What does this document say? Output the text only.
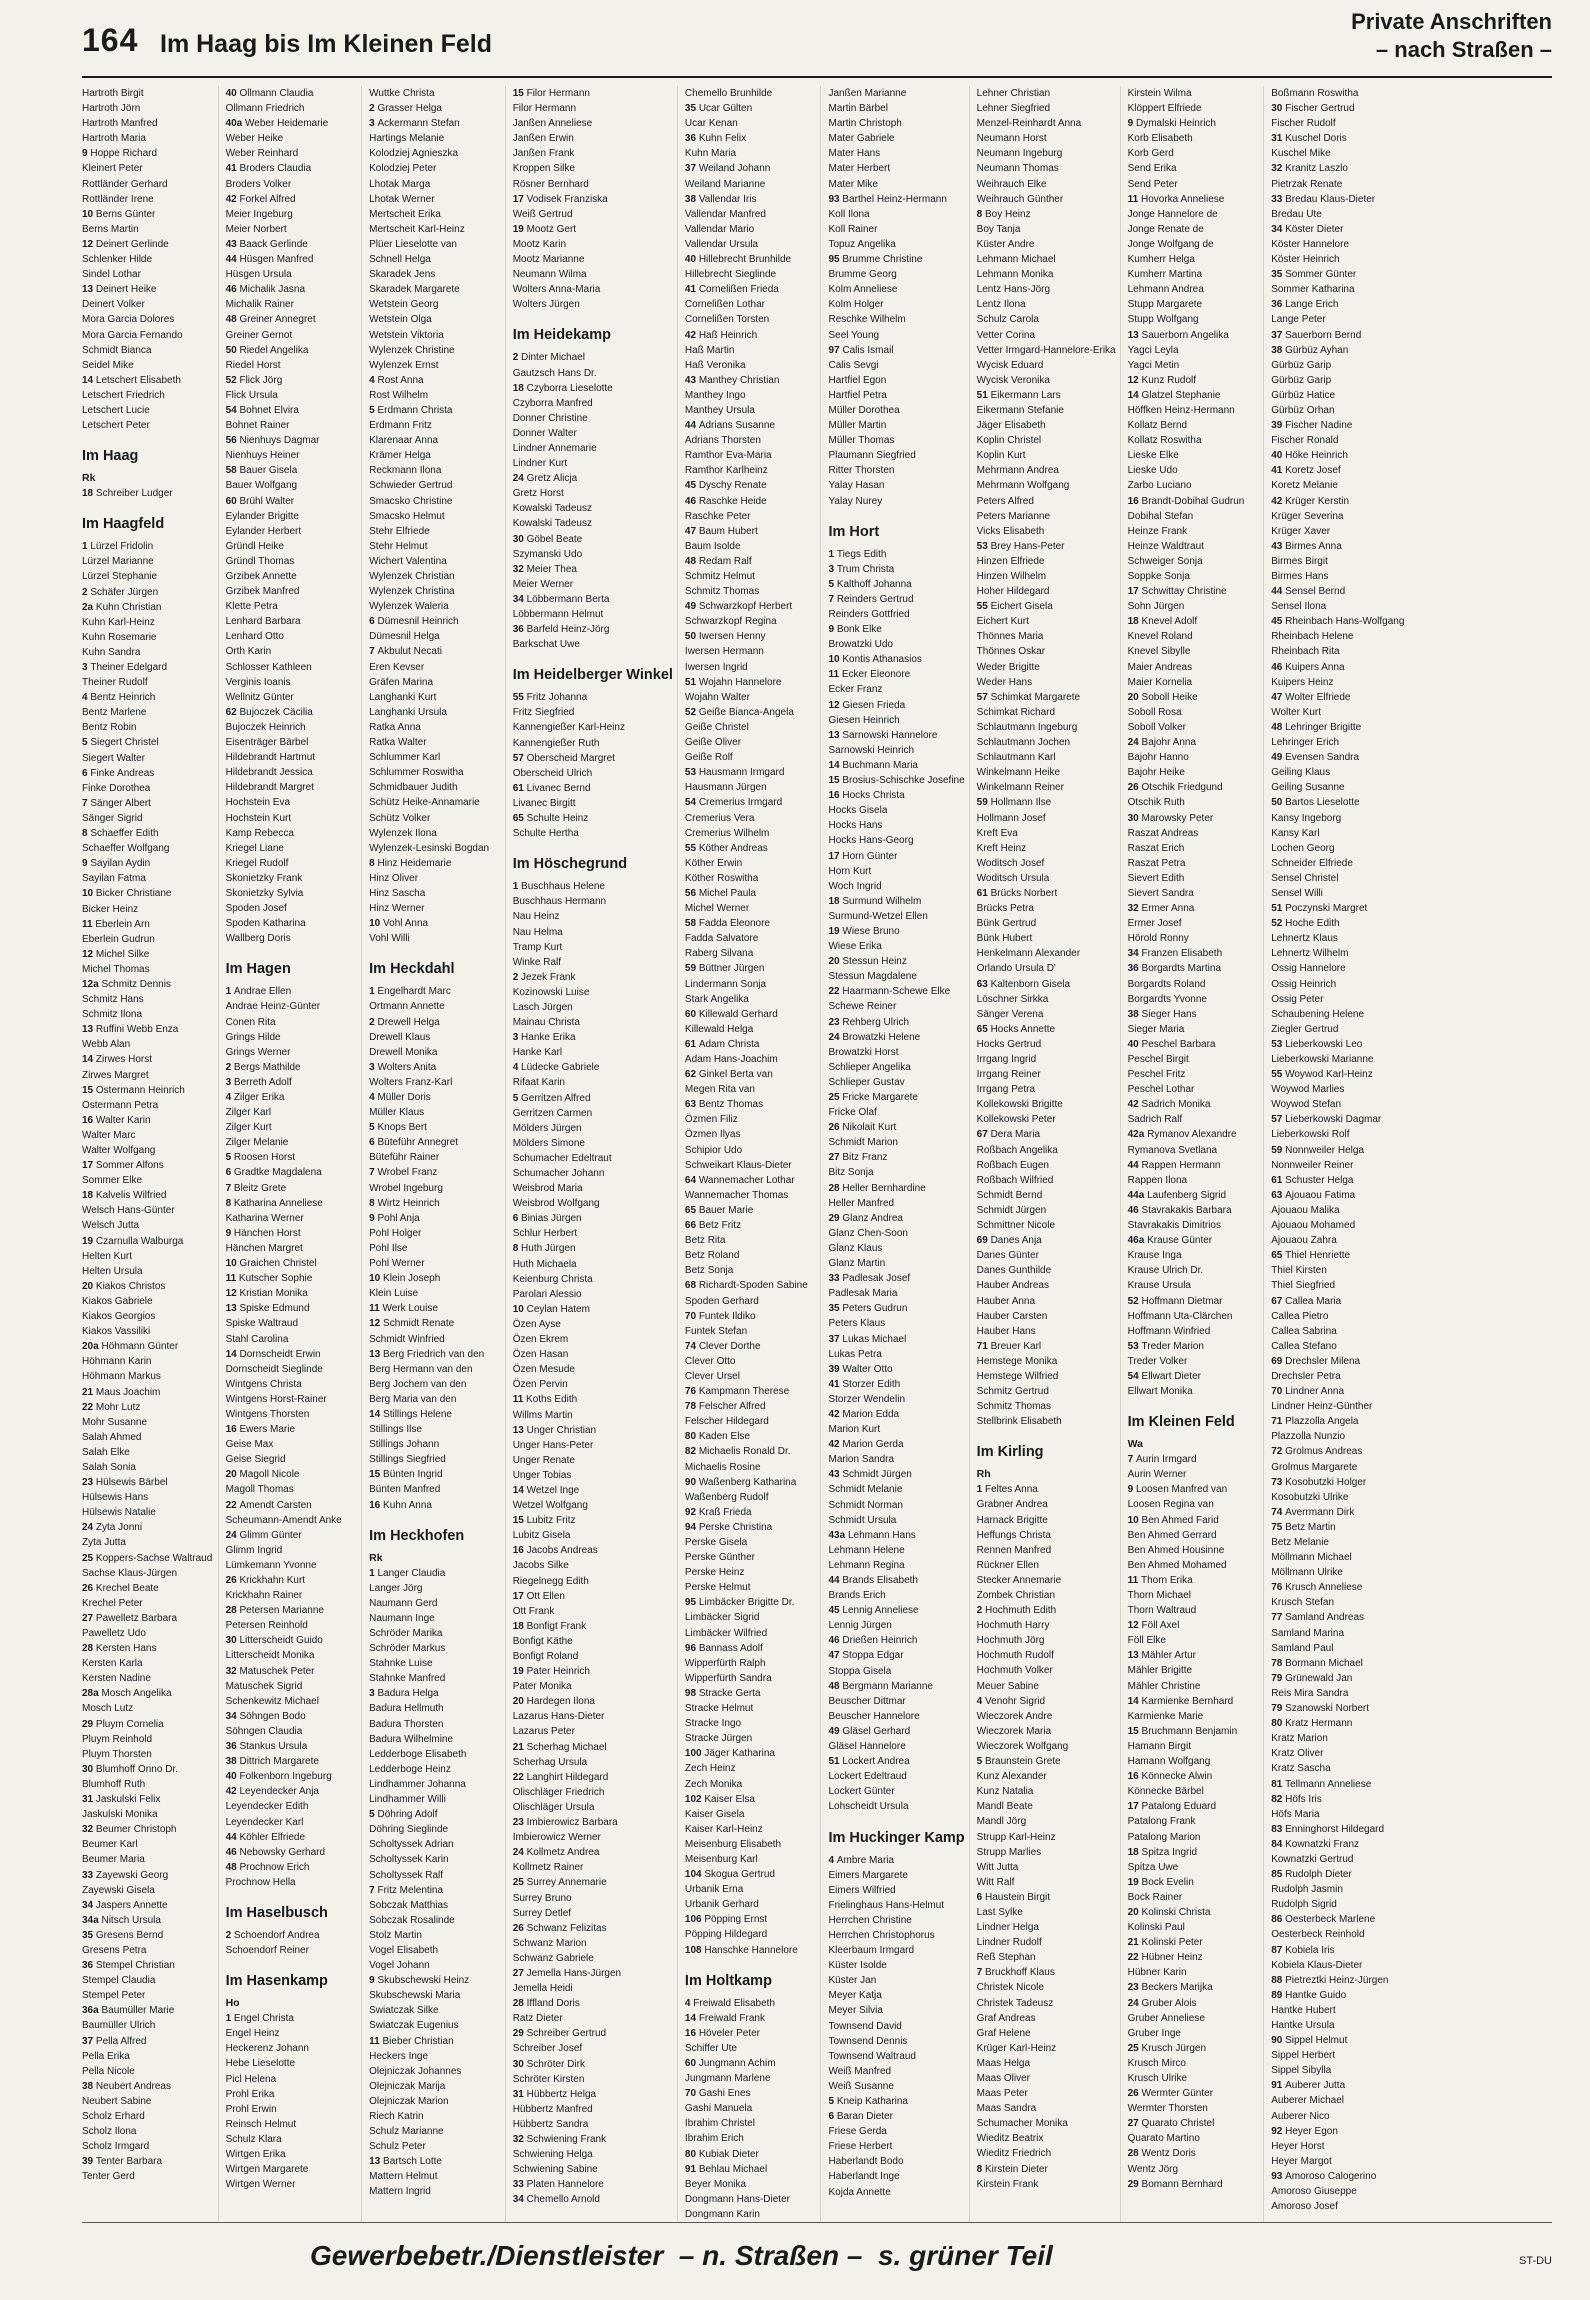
164 Im Haag bis Im Kleinen Feld
Private Anschriften
– nach Straßen –
Hartroth Birgit
Hartroth Jörn
Hartroth Manfred
Hartroth Maria
9 Hoppe Richard
Kleinert Peter
Rottländer Gerhard
Rottländer Irene
10 Berns Günter
Berns Martin
12 Deinert Gerlinde
Schlenker Hilde
Sindel Lothar
13 Deinert Heike
Deinert Volker
Mora Garcia Dolores
Mora Garcia Fernando
Schmidt Bianca
Seidel Mike
14 Letschert Elisabeth
Letschert Friedrich
Letschert Lucie
Letschert Peter
Im Haag
Rk
18 Schreiber Ludger
Im Haagfeld
1 Lürzel Fridolin
Lürzel Marianne
Lürzel Stephanie
2 Schäfer Jürgen
2a Kuhn Christian
Kuhn Karl-Heinz
Kuhn Rosemarie
Kuhn Sandra
3 Theiner Edelgard
Theiner Rudolf
4 Bentz Heinrich
Bentz Marlene
Bentz Robin
5 Siegert Christel
Siegert Walter
6 Finke Andreas
Finke Dorothea
7 Sänger Albert
Sänger Sigrid
8 Schaeffer Edith
Schaeffer Wolfgang
9 Sayilan Aydin
Sayilan Fatma
10 Bicker Christiane
Bicker Heinz
11 Eberlein Arn
Eberlein Gudrun
12 Michel Silke
Michel Thomas
12a Schmitz Dennis
Schmitz Hans
Schmitz Ilona
13 Ruffini Webb Enza
Webb Alan
14 Zirwes Horst
Zirwes Margret
15 Ostermann Heinrich
Ostermann Petra
16 Walter Karin
Walter Marc
Walter Wolfgang
17 Sommer Alfons
Sommer Elke
18 Kalvelis Wilfried
Welsch Hans-Günter
Welsch Jutta
19 Czarnulla Walburga
Helten Kurt
Helten Ursula
20 Kiakos Christos
Kiakos Gabriele
Kiakos Georgios
Kiakos Vassiliki
20a Höhmann Günter
Höhmann Karin
Höhmann Markus
21 Maus Joachim
22 Mohr Lutz
Mohr Susanne
Salah Ahmed
Salah Elke
Salah Sonia
23 Hülsewis Bärbel
Hülsewis Hans
Hülsewis Natalie
24 Zyta Jonni
Zyta Jutta
25 Koppers-Sachse Waltraud
Sachse Klaus-Jürgen
26 Krechel Beate
Krechel Peter
27 Pawelletz Barbara
Pawelletz Udo
28 Kersten Hans
Kersten Karla
Kersten Nadine
28a Mosch Angelika
Mosch Lutz
29 Pluym Cornelia
Pluym Reinhold
Pluym Thorsten
30 Blumhoff Onno Dr.
Blumhoff Ruth
31 Jaskulski Felix
Jaskulski Monika
32 Beumer Christoph
Beumer Karl
Beumer Maria
33 Zayewski Georg
Zayewski Gisela
34 Jaspers Annette
34a Nitsch Ursula
35 Gresens Bernd
Gresens Petra
36 Stempel Christian
Stempel Claudia
Stempel Peter
36a Baumüller Marie
Baumüller Ulrich
37 Pella Alfred
Pella Erika
Pella Nicole
38 Neubert Andreas
Neubert Sabine
Scholz Erhard
Scholz Ilona
Scholz Irmgard
39 Tenter Barbara
Tenter Gerd
40 Ollmann Claudia
Ollmann Friedrich
40a Weber Heidemarie
Weber Heike
Weber Reinhard
41 Broders Claudia
Broders Volker
42 Forkel Alfred
Meier Ingeburg
Meier Norbert
43 Baack Gerlinde
44 Hüsgen Manfred
Hüsgen Ursula
46 Michalik Jasna
Michalik Rainer
48 Greiner Annegret
Greiner Gernot
50 Riedel Angelika
Riedel Horst
52 Flick Jörg
Flick Ursula
54 Bohnet Elvira
Bohnet Rainer
56 Nienhuys Dagmar
Nienhuys Heiner
58 Bauer Gisela
Bauer Wolfgang
60 Brühl Walter
Eylander Brigitte
Eylander Herbert
Gründl Heike
Gründl Thomas
Grzibek Annette
Grzibek Manfred
Klette Petra
Lenhard Barbara
Lenhard Otto
Orth Karin
Schlosser Kathleen
Verginis Ioanis
Wellnitz Günter
62 Bujoczek Cäcilia
Bujoczek Heinrich
Eisenträger Bärbel
Hildebrandt Hartmut
Hildebrandt Jessica
Hildebrandt Margret
Hochstein Eva
Hochstein Kurt
Kamp Rebecca
Kriegel Liane
Kriegel Rudolf
Skonietzky Frank
Skonietzky Sylvia
Spoden Josef
Spoden Katharina
Wallberg Doris
Im Hagen
1 Andrae Ellen
Andrae Heinz-Günter
Conen Rita
Grings Hilde
Grings Werner
2 Bergs Mathilde
3 Berreth Adolf
4 Zilger Erika
Zilger Karl
Zilger Kurt
Zilger Melanie
5 Roosen Horst
6 Gradtke Magdalena
7 Bleitz Grete
8 Katharina Anneliese
Katharina Werner
9 Hänchen Horst
Hänchen Margret
10 Graichen Christel
11 Kutscher Sophie
12 Kristian Monika
13 Spiske Edmund
Spiske Waltraud
Stahl Carolina
14 Dornscheidt Erwin
Dornscheidt Sieglinde
Wintgens Christa
Wintgens Horst-Rainer
Wintgens Thorsten
16 Ewers Marie
Geise Max
Geise Siegrid
20 Magoll Nicole
Magoll Thomas
22 Amendt Carsten
Scheumann-Amendt Anke
24 Glimm Günter
Glimm Ingrid
Lümkemann Yvonne
26 Krickhahn Kurt
Krickhahn Rainer
28 Petersen Marianne
Petersen Reinhold
30 Litterscheidt Guido
Litterscheidt Monika
32 Matuschek Peter
Matuschek Sigrid
Schenkewitz Michael
34 Söhngen Bodo
Söhngen Claudia
36 Stankus Ursula
38 Dittrich Margarete
40 Folkenborn Ingeburg
42 Leyendecker Anja
Leyendecker Edith
Leyendecker Karl
44 Köhler Elfriede
46 Nebowsky Gerhard
48 Prochnow Erich
Prochnow Hella
Im Haselbusch
2 Schoendorf Andrea
Schoendorf Reiner
Im Hasenkamp
Ho
1 Engel Christa
Engel Heinz
Heckerenz Johann
Hebe Lieselotte
Picl Helena
Prohl Erika
Prohl Erwin
Reinsch Helmut
Schulz Klara
Wirtgen Erika
Wirtgen Margarete
Wirtgen Werner
Wuttke Christa
2 Grasser Helga
3 Ackermann Stefan
Hartings Melanie
Kolodziej Agnieszka
Kolodziej Peter
Lhotak Marga
Lhotak Werner
Mertscheit Erika
Mertscheit Karl-Heinz
Plüer Lieselotte van
Schnell Helga
Skaradek Jens
Skaradek Margarete
Wetstein Georg
Wetstein Olga
Wetstein Viktoria
Wylenzek Christine
Wylenzek Ernst
4 Rost Anna
Rost Wilhelm
5 Erdmann Christa
Erdmann Fritz
Klarenaar Anna
Krämer Helga
Reckmann Ilona
Schwieder Gertrud
Smacsko Christine
Smacsko Helmut
Stehr Elfriede
Stehr Helmut
Wichert Valentina
Wylenzek Christian
Wylenzek Christina
Wylenzek Waleria
6 Dümesnil Heinrich
Dümesnil Helga
7 Akbulut Necati
Eren Kevser
Gräfen Marina
Langhanki Kurt
Langhanki Ursula
Ratka Anna
Ratka Walter
Schlummer Karl
Schlummer Roswitha
Schmidbauer Judith
Schütz Heike-Annamarie
Schütz Volker
Wylenzek Ilona
Wylenzek-Lesinski Bogdan
8 Hinz Heidemarie
Hinz Oliver
Hinz Sascha
Hinz Werner
10 Vohl Anna
Vohl Willi
Im Heckdahl
1 Engelhardt Marc
Ortmann Annette
2 Drewell Helga
Drewell Klaus
Drewell Monika
3 Wolters Anita
Wolters Franz-Karl
4 Müller Doris
Müller Klaus
5 Knops Bert
6 Büteführ Annegret
Büteführ Rainer
7 Wrobel Franz
Wrobel Ingeburg
8 Wirtz Heinrich
9 Pohl Anja
Pohl Holger
Pohl Ilse
Pohl Werner
10 Klein Joseph
Klein Luise
11 Werk Louise
12 Schmidt Renate
Schmidt Winfried
13 Berg Friedrich van den
Berg Hermann van den
Berg Jochem van den
Berg Maria van den
14 Stillings Helene
Stillings Ilse
Stillings Johann
Stillings Siegfried
15 Bünten Ingrid
Bünten Manfred
16 Kuhn Anna
Im Heckhofen
Rk
1 Langer Claudia
Langer Jörg
Naumann Gerd
Naumann Inge
Schröder Marika
Schröder Markus
Stahnke Luise
Stahnke Manfred
3 Badura Helga
Badura Hellmuth
Badura Thorsten
Badura Wilhelmine
Ledderboge Elisabeth
Ledderboge Heinz
Lindhammer Johanna
Lindhammer Willi
5 Döhring Adolf
Döhring Sieglinde
Scholtyssek Adrian
Scholtyssek Karin
Scholtyssek Ralf
7 Fritz Melentina
Sobczak Matthias
Sobczak Rosalinde
Stolz Martin
Vogel Elisabeth
Vogel Johann
9 Skubschewski Heinz
Skubschewski Maria
Swiatczak Silke
Swiatczak Eugenius
11 Bieber Christian
Heckers Inge
Olejniczak Johannes
Olejniczak Marija
Olejniczak Marion
Riech Katrin
Schulz Marianne
Schulz Peter
13 Bartsch Lotte
Mattern Helmut
Mattern Ingrid
15 Filor Hermann
Filor Hermann
Janßen Anneliese
Janßen Erwin
Janßen Frank
Kroppen Silke
Rösner Bernhard
17 Vodisek Franziska
Weiß Gertrud
19 Mootz Gert
Mootz Karin
Mootz Marianne
Neumann Wilma
Wolters Anna-Maria
Wolters Jürgen
Im Heidekamp
2 Dinter Michael
Gautzsch Hans Dr.
18 Czyborra Lieselotte
Czyborra Manfred
Donner Christine
Donner Walter
Lindner Annemarie
Lindner Kurt
24 Gretz Alicja
Gretz Horst
Kowalski Tadeusz
Kowalski Tadeusz
30 Göbel Beate
Szymanski Udo
32 Meier Thea
Meier Werner
34 Löbbermann Berta
Löbbermann Helmut
36 Barfeld Heinz-Jörg
Barkschat Uwe
Im Heidelberger Winkel
55 Fritz Johanna
Fritz Siegfried
Kannengießer Karl-Heinz
Kannengießer Ruth
57 Oberscheid Margret
Oberscheid Ulrich
61 Livanec Bernd
Livanec Birgitt
65 Schulte Heinz
Schulte Hertha
Im Höschegrund
1 Buschhaus Helene
Buschhaus Hermann
Nau Heinz
Nau Helma
Tramp Kurt
Winke Ralf
2 Jezek Frank
Kozinowski Luise
Lasch Jürgen
Mainau Christa
3 Hanke Erika
Hanke Karl
4 Lüdecke Gabriele
Rifaat Karin
5 Gerritzen Alfred
Gerritzen Carmen
Mölders Jürgen
Mölders Simone
Schumacher Edeltraut
Schumacher Johann
Weisbrod Maria
Weisbrod Wolfgang
6 Binias Jürgen
Schlur Herbert
8 Huth Jürgen
Huth Michaela
Keienburg Christa
Parolari Alessio
10 Ceylan Hatem
Özen Ayse
Özen Ekrem
Özen Hasan
Özen Mesude
Özen Pervin
11 Koths Edith
Willms Martin
13 Unger Christian
Unger Hans-Peter
Unger Renate
Unger Tobias
14 Wetzel Inge
Wetzel Wolfgang
15 Lubitz Fritz
Lubitz Gisela
16 Jacobs Andreas
Jacobs Silke
Riegelnegg Edith
17 Ott Ellen
Ott Frank
18 Bonfigt Frank
Bonfigt Käthe
Bonfigt Roland
19 Pater Heinrich
Pater Monika
20 Hardegen Ilona
Lazarus Hans-Dieter
Lazarus Peter
21 Scherhag Michael
Scherhag Ursula
22 Langhirt Hildegard
Olischläger Friedrich
Olischläger Ursula
23 Imbierowicz Barbara
Imbierowicz Werner
24 Kollmetz Andrea
Kollmetz Rainer
25 Surrey Annemarie
Surrey Bruno
Surrey Detlef
26 Schwanz Felizitas
Schwanz Marion
Schwanz Gabriele
27 Jemella Hans-Jürgen
Jemella Heidi
28 Iffland Doris
Ratz Dieter
29 Schreiber Gertrud
Schreiber Josef
30 Schröter Dirk
Schröter Kirsten
31 Hübbertz Helga
Hübbertz Manfred
Hübbertz Sandra
32 Schwiening Frank
Schwiening Helga
Schwiening Sabine
33 Platen Hannelore
34 Chemello Arnold
Chemello Brunhilde
35 Ucar Gülten
Ucar Kenan
36 Kuhn Felix
Kuhn Maria
37 Weiland Johann
Weiland Marianne
38 Vallendar Iris
Vallendar Manfred
Vallendar Mario
Vallendar Ursula
40 Hillebrecht Brunhilde
Hillebrecht Sieglinde
41 Cornelißen Frieda
Cornelißen Lothar
Cornelißen Torsten
42 Haß Heinrich
Haß Martin
Haß Veronika
43 Manthey Christian
Manthey Ingo
Manthey Ursula
44 Adrians Susanne
Adrians Thorsten
Ramthor Eva-Maria
Ramthor Karlheinz
45 Dyschy Renate
46 Raschke Heide
Raschke Peter
47 Baum Hubert
Baum Isolde
48 Redam Ralf
Schmitz Helmut
Schmitz Thomas
49 Schwarzkopf Herbert
Schwarzkopf Regina
50 Iwersen Henny
Iwersen Hermann
Iwersen Ingrid
51 Wojahn Hannelore
Wojahn Walter
52 Geiße Bianca-Angela
Geiße Christel
Geiße Oliver
Geiße Rolf
53 Hausmann Irmgard
Hausmann Jürgen
54 Cremerius Irmgard
Cremerius Vera
Cremerius Wilhelm
55 Köther Andreas
Köther Erwin
Köther Roswitha
56 Michel Paula
Michel Werner
58 Fadda Eleonore
Fadda Salvatore
Raberg Silvana
59 Büttner Jürgen
Lindermann Sonja
Stark Angelika
60 Killewald Gerhard
Killewald Helga
61 Adam Christa
Adam Hans-Joachim
62 Ginkel Berta van
Megen Rita van
63 Bentz Thomas
Özmen Filiz
Özmen Ilyas
Schipior Udo
Schweikart Klaus-Dieter
64 Wannemacher Lothar
Wannemacher Thomas
65 Bauer Marie
66 Betz Fritz
Betz Rita
Betz Roland
Betz Sonja
68 Richardt-Spoden Sabine
Spoden Gerhard
70 Funtek Ildiko
Funtek Stefan
74 Clever Dorthe
Clever Otto
Clever Ursel
76 Kampmann Therese
78 Felscher Alfred
Felscher Hildegard
80 Kaden Else
82 Michaelis Ronald Dr.
Michaelis Rosine
90 Waßenberg Katharina
Waßenberg Rudolf
92 Kraß Frieda
94 Perske Christina
Perske Gisela
Perske Günther
Perske Heinz
Perske Helmut
95 Limbäcker Brigitte Dr.
Limbäcker Sigrid
Limbäcker Wilfried
96 Bannass Adolf
Wipperfürth Ralph
Wipperfürth Sandra
98 Stracke Gerta
Stracke Helmut
Stracke Ingo
Stracke Jürgen
100 Jäger Katharina
Zech Heinz
Zech Monika
102 Kaiser Elsa
Kaiser Gisela
Kaiser Karl-Heinz
Meisenburg Elisabeth
Meisenburg Karl
104 Skogua Gertrud
Urbanik Erna
Urbanik Gerhard
106 Pöpping Ernst
Pöpping Hildegard
108 Hanschke Hannelore
Im Holtkamp
4 Freiwald Elisabeth
14 Freiwald Frank
16 Höveler Peter
Schiffer Ute
60 Jungmann Achim
Jungmann Marlene
70 Gashi Enes
Gashi Manuela
Ibrahim Christel
Ibrahim Erich
80 Kubiak Dieter
91 Behlau Michael
Beyer Monika
Dongmann Hans-Dieter
Dongmann Karin
Janßen Marianne
Martin Bärbel
Martin Christoph
Mater Gabriele
Mater Hans
Mater Herbert
Mater Mike
93 Barthel Heinz-Hermann
Koll Ilona
Koll Rainer
Topuz Angelika
95 Brumme Christine
Brumme Georg
Kolm Anneliese
Kolm Holger
Reschke Wilhelm
Seel Young
97 Calis Ismail
Calis Sevgi
Hartfiel Egon
Hartfiel Petra
Müller Dorothea
Müller Martin
Müller Thomas
Plaumann Siegfried
Ritter Thorsten
Yalay Hasan
Yalay Nurey
Im Hort
1 Tiegs Edith
3 Trum Christa
5 Kalthoff Johanna
7 Reinders Gertrud
Reinders Gottfried
9 Bonk Elke
Browatzki Udo
10 Kontis Athanasios
11 Ecker Eleonore
Ecker Franz
12 Giesen Frieda
Giesen Heinrich
13 Sarnowski Hannelore
Sarnowski Heinrich
14 Buchmann Maria
15 Brosius-Schischke Josefine
16 Hocks Christa
Hocks Gisela
Hocks Hans
Hocks Hans-Georg
17 Horn Günter
Horn Kurt
Woch Ingrid
18 Surmund Wilhelm
Surmund-Wetzel Ellen
19 Wiese Bruno
Wiese Erika
20 Stessun Heinz
Stessun Magdalene
22 Haarmann-Schewe Elke
Schewe Reiner
23 Rehberg Ulrich
24 Browatzki Helene
Browatzki Horst
Schlieper Angelika
Schlieper Gustav
25 Fricke Margarete
Fricke Olaf
26 Nikolait Kurt
Schmidt Marion
27 Bitz Franz
Bitz Sonja
28 Heller Bernhardine
Heller Manfred
29 Glanz Andrea
Glanz Chen-Soon
Glanz Klaus
Glanz Martin
33 Padlesak Josef
Padlesak Maria
35 Peters Gudrun
Peters Klaus
37 Lukas Michael
Lukas Petra
39 Walter Otto
41 Storzer Edith
Storzer Wendelin
42 Marion Edda
Marion Kurt
42 Marion Gerda
Marion Sandra
43 Schmidt Jürgen
Schmidt Melanie
Schmidt Norman
Schmidt Ursula
43a Lehmann Hans
Lehmann Helene
Lehmann Regina
44 Brands Elisabeth
Brands Erich
45 Lennig Anneliese
Lennig Jürgen
46 Drießen Heinrich
47 Stoppa Edgar
Stoppa Gisela
48 Bergmann Marianne
Beuscher Dittmar
Beuscher Hannelore
49 Gläsel Gerhard
Gläsel Hannelore
51 Lockert Andrea
Lockert Edeltraud
Lockert Günter
Lohscheidt Ursula
Im Huckinger Kamp
4 Ambre Maria
Eimers Margarete
Eimers Wilfried
Frielinghaus Hans-Helmut
Herrchen Christine
Herrchen Christophorus
Kleerbaum Irmgard
Küster Isolde
Küster Jan
Meyer Katja
Meyer Silvia
Townsend David
Townsend Dennis
Townsend Waltraud
Weiß Manfred
Weiß Susanne
5 Kneip Katharina
6 Baran Dieter
Friese Gerda
Friese Herbert
Haberlandt Bodo
Haberlandt Inge
Kojda Annette
Lehner Christian
Lehner Siegfried
Menzel-Reinhardt Anna
Neumann Horst
Neumann Ingeburg
Neumann Thomas
Weihrauch Elke
Weihrauch Günther
8 Boy Heinz
Boy Tanja
Küster Andre
Lehmann Michael
Lehmann Monika
Lentz Hans-Jörg
Lentz Ilona
Schulz Carola
Vetter Corina
Vetter Irmgard-Hannelore-Erika
Wycisk Eduard
Wycisk Veronika
51 Eikermann Lars
Eikermann Stefanie
Jäger Elisabeth
Koplin Christel
Koplin Kurt
Mehrmann Andrea
Mehrmann Wolfgang
Peters Alfred
Peters Marianne
Vicks Elisabeth
53 Brey Hans-Peter
Hinzen Elfriede
Hinzen Wilhelm
Hoher Hildegard
55 Eichert Gisela
Eichert Kurt
Thönnes Maria
Thönnes Oskar
Weder Brigitte
Weder Hans
57 Schimkat Margarete
Schimkat Richard
Schlautmann Ingeburg
Schlautmann Jochen
Schlautmann Karl
Winkelmann Heike
Winkelmann Reiner
59 Hollmann Ilse
Hollmann Josef
Kreft Eva
Kreft Heinz
Woditsch Josef
Woditsch Ursula
61 Brücks Norbert
Brücks Petra
Bünk Gertrud
Bünk Hubert
Henkelmann Alexander
Orlando Ursula D'
63 Kaltenborn Gisela
Löschner Sirkka
Sänger Verena
65 Hocks Annette
Hocks Gertrud
Irrgang Ingrid
Irrgang Reiner
Irrgang Petra
Kollekowski Brigitte
Kollekowski Peter
67 Dera Maria
Roßbach Angelika
Roßbach Eugen
Roßbach Wilfried
Schmidt Bernd
Schmidt Jürgen
Schmittner Nicole
69 Danes Anja
Danes Günter
Danes Gunthilde
Hauber Andreas
Hauber Anna
Hauber Carsten
Hauber Hans
71 Breuer Karl
Hemstege Monika
Hemstege Wilfried
Schmitz Gertrud
Schmitz Thomas
Stellbrink Elisabeth
Im Kirling
Rh
1 Feltes Anna
Grabner Andrea
Harnack Brigitte
Heffungs Christa
Rennen Manfred
Rückner Ellen
Stecker Annemarie
Zombek Christian
2 Hochmuth Edith
Hochmuth Harry
Hochmuth Jörg
Hochmuth Rudolf
Hochmuth Volker
Meuer Sabine
4 Venohr Sigrid
Wieczorek Andre
Wieczorek Maria
Wieczorek Wolfgang
5 Braunstein Grete
Kunz Alexander
Kunz Natalia
Mandl Beate
Mandl Jörg
Strupp Karl-Heinz
Strupp Marlies
Witt Jutta
Witt Ralf
6 Haustein Birgit
Last Sylke
Lindner Helga
Lindner Rudolf
Reß Stephan
7 Bruckhoff Klaus
Christek Nicole
Christek Tadeusz
Graf Andreas
Graf Helene
Krüger Karl-Heinz
Maas Helga
Maas Oliver
Maas Peter
Maas Sandra
Schumacher Monika
Wieditz Beatrix
Wieditz Friedrich
8 Kirstein Dieter
Kirstein Frank
Kirstein Wilma
Klöppert Elfriede
9 Dymalski Heinrich
Korb Elisabeth
Korb Gerd
Send Erika
Send Peter
11 Hovorka Anneliese
Jonge Hannelore de
Jonge Renate de
Jonge Wolfgang de
Kumherr Helga
Kumherr Martina
Lehmann Andrea
Stupp Margarete
Stupp Wolfgang
13 Sauerborn Angelika
Yagci Leyla
Yagci Metin
12 Kunz Rudolf
14 Glatzel Stephanie
Höffken Heinz-Hermann
Kollatz Bernd
Kollatz Roswitha
Lieske Elke
Lieske Udo
Zarbo Luciano
16 Brandt-Dobihal Gudrun
Dobihal Stefan
Heinze Frank
Heinze Waldtraut
Schweiger Sonja
Soppke Sonja
17 Schwittay Christine
Sohn Jürgen
18 Knevel Adolf
Knevel Roland
Knevel Sibylle
Maier Andreas
Maier Kornelia
20 Soboll Heike
Soboll Rosa
Soboll Volker
24 Bajohr Anna
Bajohr Hanno
Bajohr Heike
26 Otschik Friedgund
Otschik Ruth
30 Marowsky Peter
Raszat Andreas
Raszat Erich
Raszat Petra
Sievert Edith
Sievert Sandra
32 Ermer Anna
Ermer Josef
Hörold Ronny
34 Franzen Elisabeth
36 Borgardts Martina
Borgardts Roland
Borgardts Yvonne
38 Sieger Hans
Sieger Maria
40 Peschel Barbara
Peschel Birgit
Peschel Fritz
Peschel Lothar
42 Sadrich Monika
Sadrich Ralf
42a Rymanov Alexandre
Rymanova Svetlana
44 Rappen Hermann
Rappen Ilona
44a Laufenberg Sigrid
46 Stavrakakis Barbara
Stavrakakis Dimitrios
46a Krause Günter
Krause Inga
Krause Ulrich Dr.
Krause Ursula
52 Hoffmann Dietmar
Hoffmann Uta-Clärchen
Hoffmann Winfried
53 Treder Marion
Treder Volker
54 Ellwart Dieter
Ellwart Monika
Im Kleinen Feld
Wa
7 Aurin Irmgard
Aurin Werner
9 Loosen Manfred van
Loosen Regina van
10 Ben Ahmed Farid
Ben Ahmed Gerrard
Ben Ahmed Housinne
Ben Ahmed Mohamed
11 Thorn Erika
Thorn Michael
Thorn Waltraud
12 Föll Axel
Föll Elke
13 Mähler Artur
Mähler Brigitte
Mähler Christine
14 Karmienke Bernhard
Karmienke Marie
15 Bruchmann Benjamin
Hamann Birgit
Hamann Wolfgang
16 Könnecke Alwin
Könnecke Bärbel
17 Patalong Eduard
Patalong Frank
Patalong Marion
18 Spitza Ingrid
Spitza Uwe
19 Bock Evelin
Bock Rainer
20 Kolinski Christa
Kolinski Paul
21 Kolinski Peter
22 Hübner Heinz
Hübner Karin
23 Beckers Marijka
24 Gruber Alois
Gruber Anneliese
Gruber Inge
25 Krusch Jürgen
Krusch Mirco
Krusch Ulrike
26 Wermter Günter
Wermter Thorsten
27 Quarato Christel
Quarato Martino
28 Wentz Doris
Wentz Jörg
29 Bomann Bernhard
Boßmann Roswitha
30 Fischer Gertrud
Fischer Rudolf
31 Kuschel Doris
Kuschel Mike
32 Kranitz Laszlo
Pietrzak Renate
33 Bredau Klaus-Dieter
Bredau Ute
34 Köster Dieter
Köster Hannelore
Köster Heinrich
35 Sommer Günter
Sommer Katharina
36 Lange Erich
Lange Peter
37 Sauerborn Bernd
38 Gürbüz Ayhan
Gürbüz Garip
Gürbüz Garip
Gürbüz Hatice
Gürbüz Orhan
39 Fischer Nadine
Fischer Ronald
40 Höke Heinrich
41 Koretz Josef
Koretz Melanie
42 Krüger Kerstin
Krüger Severina
Krüger Xaver
43 Birmes Anna
Birmes Birgit
Birmes Hans
44 Sensel Bernd
Sensel Ilona
45 Rheinbach Hans-Wolfgang
Rheinbach Helene
Rheinbach Rita
46 Kuipers Anna
Kuipers Heinz
47 Wolter Elfriede
Wolter Kurt
48 Lehringer Brigitte
Lehringer Erich
49 Evensen Sandra
Geiling Klaus
Geiling Susanne
50 Bartos Lieselotte
Kansy Ingeborg
Kansy Karl
Lochen Georg
Schneider Elfriede
Sensel Christel
Sensel Willi
51 Poczynski Margret
52 Hoche Edith
Lehnertz Klaus
Lehnertz Wilhelm
Ossig Hannelore
Ossig Heinrich
Ossig Peter
Schaubening Helene
Ziegler Gertrud
53 Lieberkowski Leo
Lieberkowski Marianne
55 Woywod Karl-Heinz
Woywod Marlies
Woywod Stefan
57 Lieberkowski Dagmar
Lieberkowski Rolf
59 Nonnweiler Helga
Nonnweiler Reiner
61 Schuster Helga
63 Ajouaou Fatima
Ajouaou Malika
Ajouaou Mohamed
Ajouaou Zahra
65 Thiel Henriette
Thiel Kirsten
Thiel Siegfried
67 Callea Maria
Callea Pietro
Callea Sabrina
Callea Stefano
69 Drechsler Milena
Drechsler Petra
70 Lindner Anna
Lindner Heinz-Günther
71 Plazzolla Angela
Plazzolla Nunzio
72 Grolmus Andreas
Grolmus Margarete
73 Kosobutzki Holger
Kosobutzki Ulrike
74 Averrmann Dirk
75 Betz Martin
Betz Melanie
Möllmann Michael
Möllmann Ulrike
76 Krusch Anneliese
Krusch Stefan
77 Samland Andreas
Samland Marina
Samland Paul
78 Bormann Michael
79 Grünewald Jan
Reis Mira Sandra
79 Szanowski Norbert
80 Kratz Hermann
Kratz Marion
Kratz Oliver
Kratz Sascha
81 Tellmann Anneliese
82 Höfs Iris
Höfs Maria
83 Enninghorst Hildegard
84 Kownatzki Franz
Kownatzki Gertrud
85 Rudolph Dieter
Rudolph Jasmin
Rudolph Sigrid
86 Oesterbeck Marlene
Oesterbeck Reinhold
87 Kobiela Iris
Kobiela Klaus-Dieter
88 Pietreztki Heinz-Jürgen
89 Hantke Guido
Hantke Hubert
Hantke Ursula
90 Sippel Helmut
Sippel Herbert
Sippel Sibylla
91 Auberer Jutta
Auberer Michael
Auberer Nico
92 Heyer Egon
Heyer Horst
Heyer Margot
93 Amoroso Calogerino
Amoroso Giuseppe
Amoroso Josef
Gewerbebetr./Dienstleister  – n. Straßen –  s. grüner Teil	ST-DU
